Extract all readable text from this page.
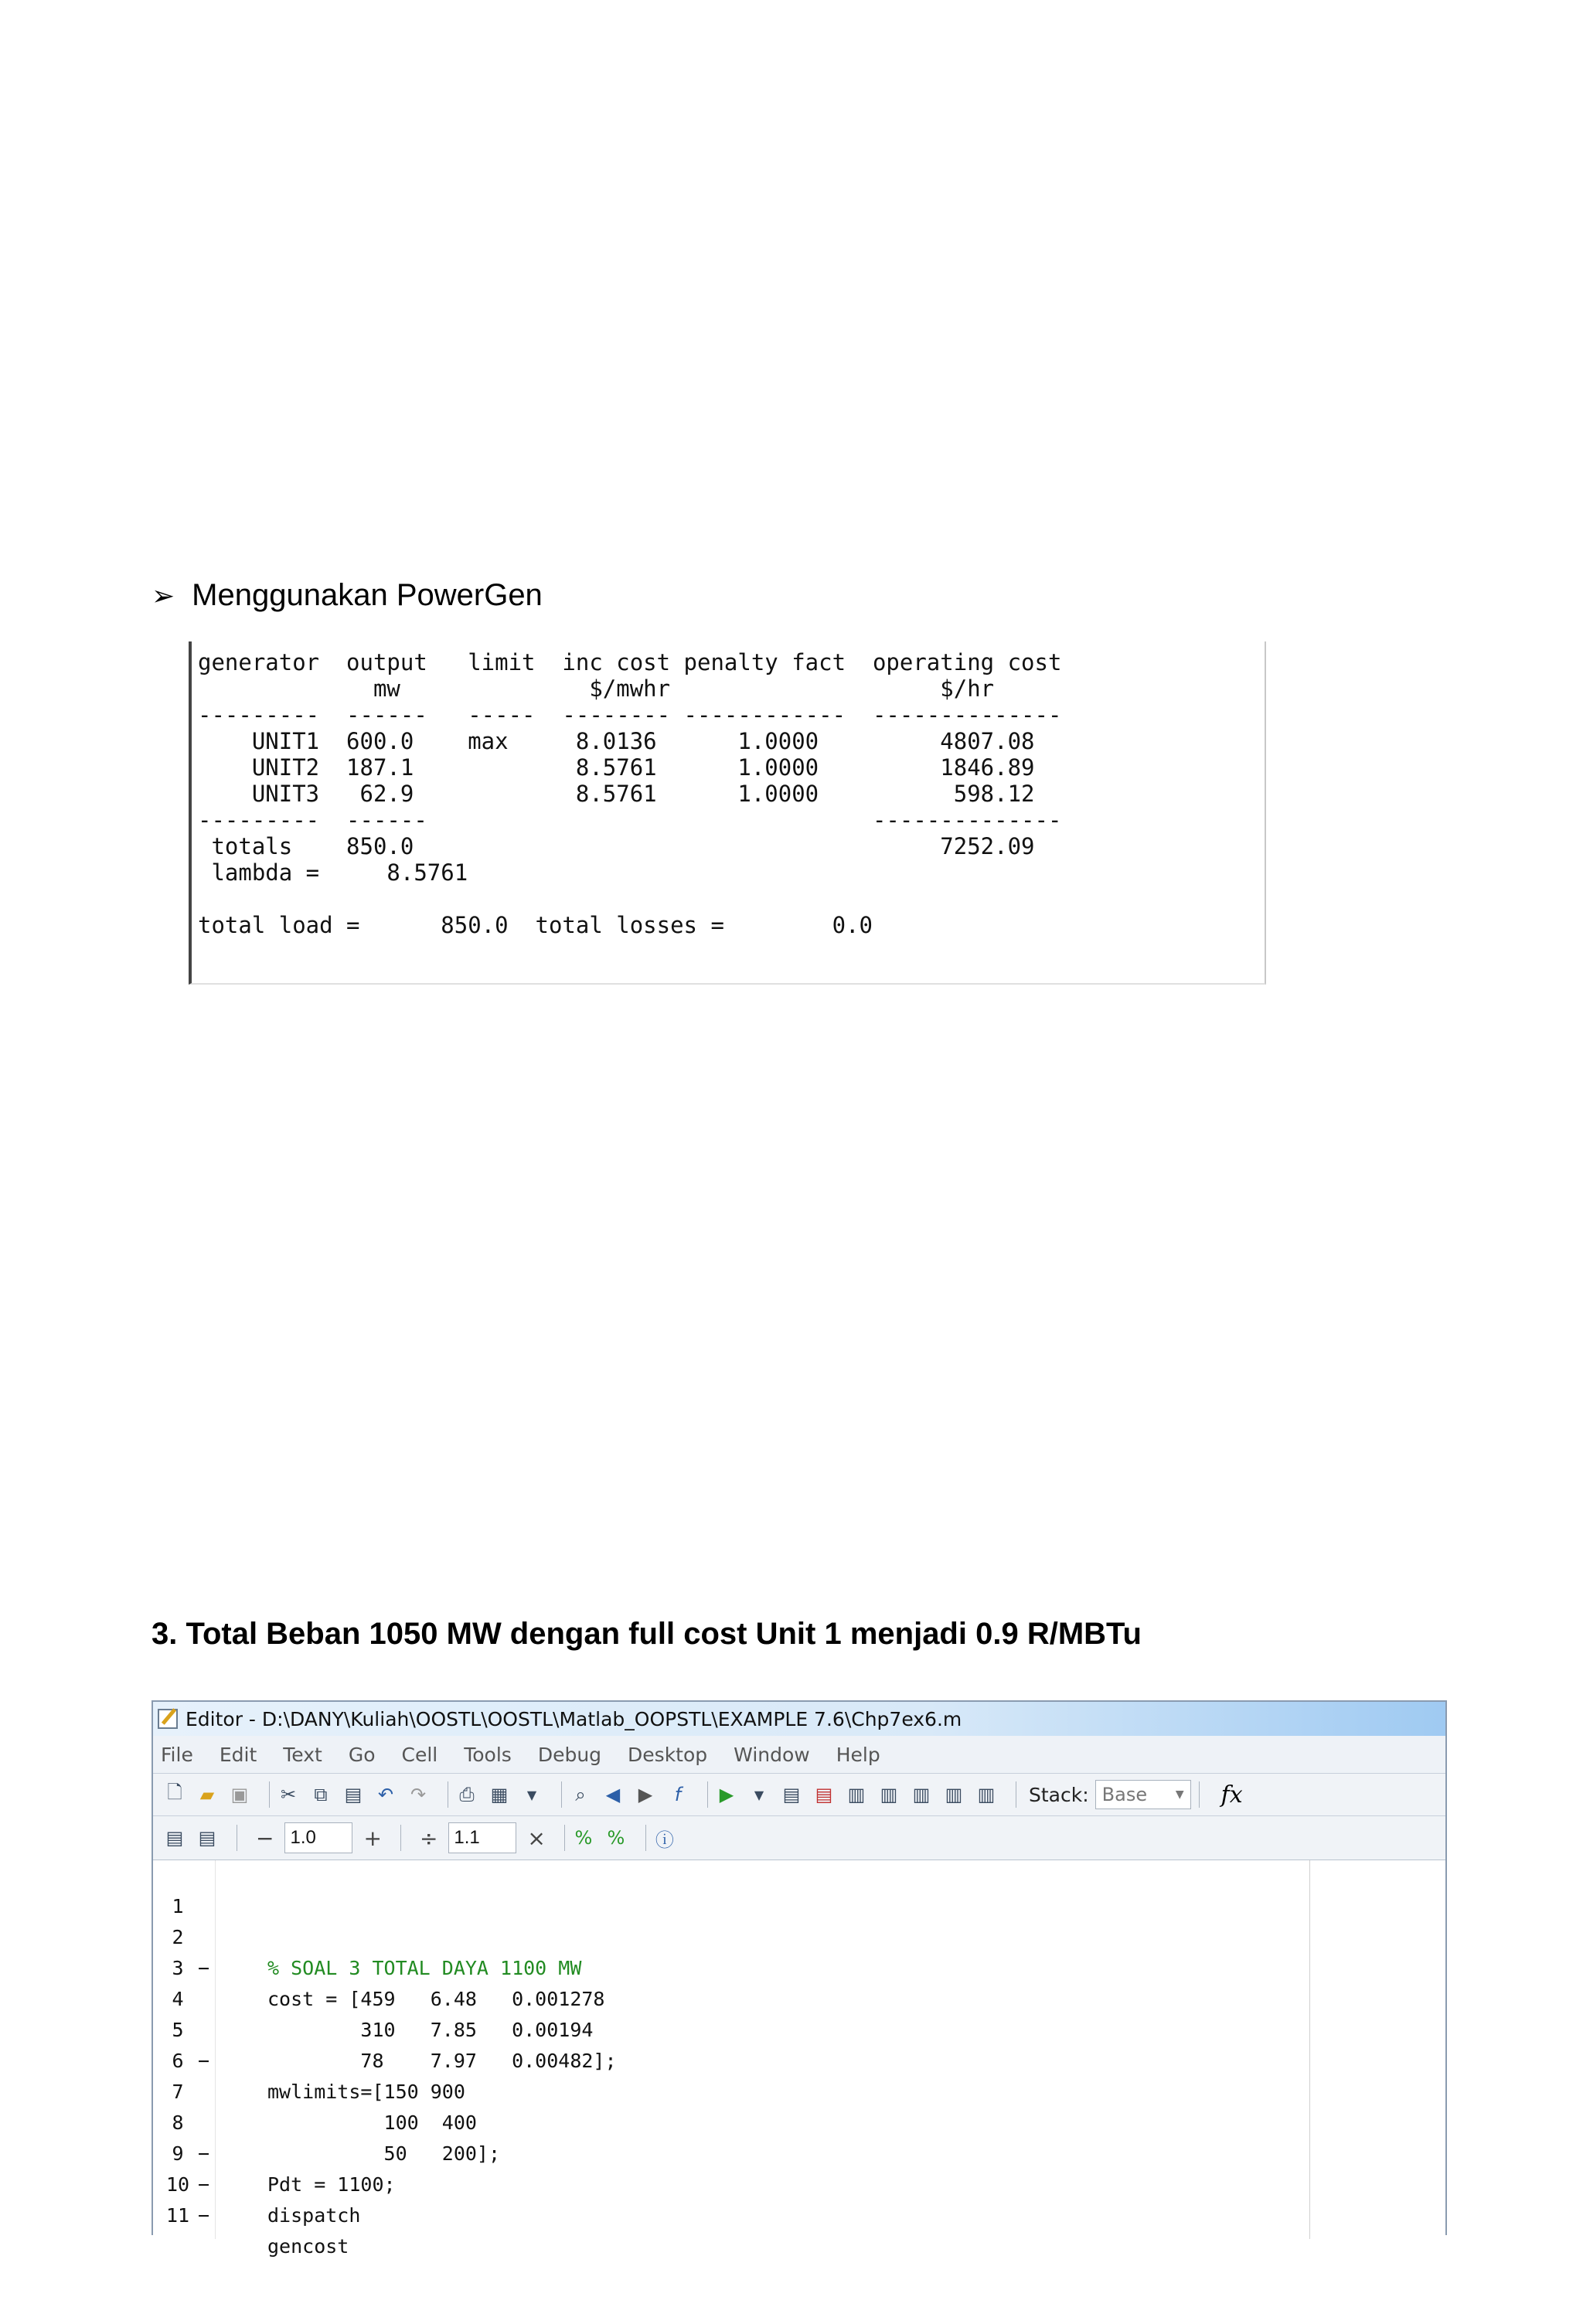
➢ Menggunakan PowerGen
generator  output   limit  inc cost penalty fact  operating cost
mw              $/mwhr                    $/hr
---------  ------   -----  -------- ------------  --------------
UNIT1  600.0    max     8.0136      1.0000         4807.08
UNIT2  187.1            8.5761      1.0000         1846.89
UNIT3   62.9            8.5761      1.0000          598.12
---------  ------                                 --------------
totals    850.0                                       7252.09
lambda =     8.5761

total load =      850.0  total losses =        0.0
3. Total Beban 1050 MW dengan full cost Unit 1 menjadi 0.9 R/MBTu
Editor - D:\DANY\Kuliah\OOSTL\OOSTL\Matlab_OOPSTL\EXAMPLE 7.6\Chp7ex6.m
File Edit Text Go Cell Tools Debug Desktop Window Help
🗋 ▰ ▣ ✂ ⧉ ▤ ↶ ↷ ⎙ ▦	▼	⌕	◀ ▶	f	▶	▼	▤ ▤ ▥ ▥ ▥ ▥ ▥ Stack: Base	▼ fx
▤ ▤ −
1.0	+ ÷
1.1	× % % ⓘ

1

% SOAL 3 TOTAL DAYA 1100 MW

2

−

cost = [459   6.48   0.001278

3

310   7.85   0.00194

4

78    7.97   0.00482];

5

−

mwlimits=[150 900

6

100  400

7

50   200];

8

−

Pdt = 1100;

9

−

dispatch

10

−

gencost

11
